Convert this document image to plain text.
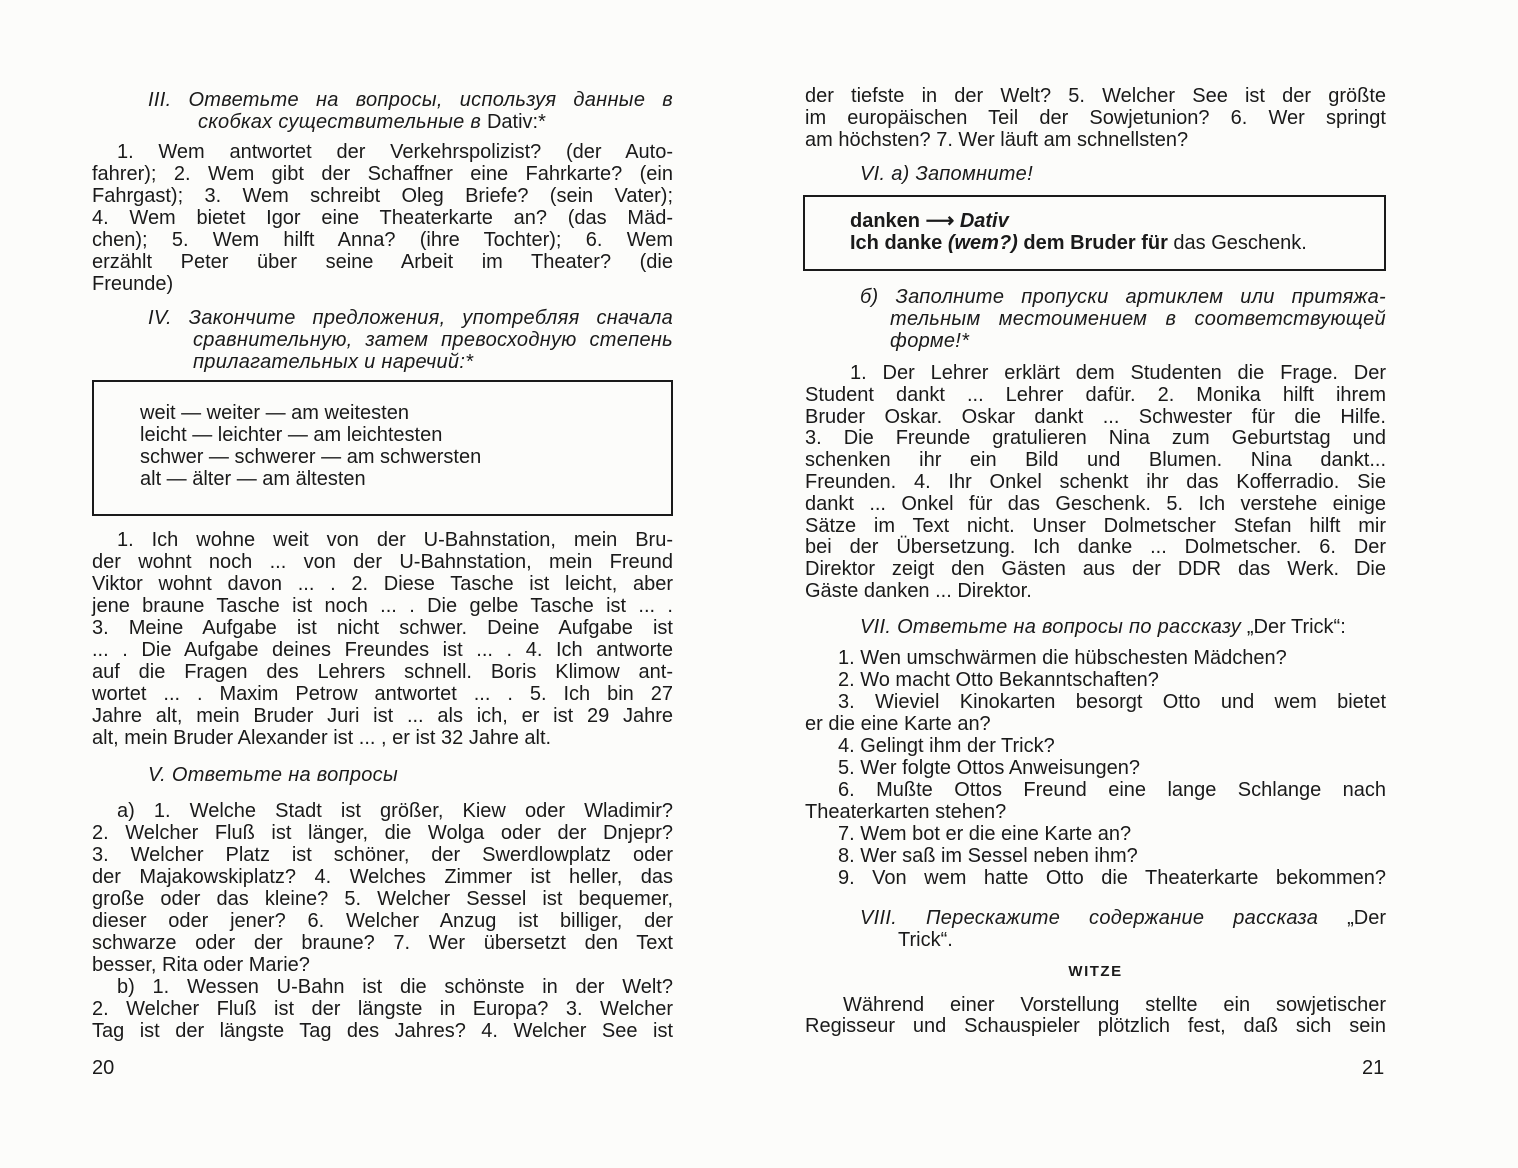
III. Ответьте на вопросы, используя данные в
скобках существительные в Dativ:*
1. Wem antwortet der Verkehrspolizist? (der Auto-
fahrer); 2. Wem gibt der Schaffner eine Fahrkarte? (ein
Fahrgast); 3. Wem schreibt Oleg Briefe? (sein Vater);
4. Wem bietet Igor eine Theaterkarte an? (das Mäd-
chen); 5. Wem hilft Anna? (ihre Tochter); 6. Wem
erzählt Peter über seine Arbeit im Theater? (die
Freunde)
IV. Закончите предложения, употребляя сначала
сравнительную, затем превосходную степень
прилагательных и наречий:*
weit — weiter — am weitesten
leicht — leichter — am leichtesten
schwer — schwerer — am schwersten
alt — älter — am ältesten
1. Ich wohne weit von der U-Bahnstation, mein Bru-
der wohnt noch ... von der U-Bahnstation, mein Freund
Viktor wohnt davon ... . 2. Diese Tasche ist leicht, aber
jene braune Tasche ist noch ... . Die gelbe Tasche ist ... .
3. Meine Aufgabe ist nicht schwer. Deine Aufgabe ist
... . Die Aufgabe deines Freundes ist ... . 4. Ich antworte
auf die Fragen des Lehrers schnell. Boris Klimow ant-
wortet ... . Maxim Petrow antwortet ... . 5. Ich bin 27
Jahre alt, mein Bruder Juri ist ... als ich, er ist 29 Jahre
alt, mein Bruder Alexander ist ... , er ist 32 Jahre alt.
V. Ответьте на вопросы
a) 1. Welche Stadt ist größer, Kiew oder Wladimir?
2. Welcher Fluß ist länger, die Wolga oder der Dnjepr?
3. Welcher Platz ist schöner, der Swerdlowplatz oder
der Majakowskiplatz? 4. Welches Zimmer ist heller, das
große oder das kleine? 5. Welcher Sessel ist bequemer,
dieser oder jener? 6. Welcher Anzug ist billiger, der
schwarze oder der braune? 7. Wer übersetzt den Text
besser, Rita oder Marie?
b) 1. Wessen U-Bahn ist die schönste in der Welt?
2. Welcher Fluß ist der längste in Europa? 3. Welcher
Tag ist der längste Tag des Jahres? 4. Welcher See ist
20
der tiefste in der Welt? 5. Welcher See ist der größte
im europäischen Teil der Sowjetunion? 6. Wer springt
am höchsten? 7. Wer läuft am schnellsten?
VI. а) Запомните!
danken ⟶ Dativ
Ich danke (wem?) dem Bruder für das Geschenk.
б) Заполните пропуски артиклем или притяжа-
тельным местоимением в соответствующей
форме!*
1. Der Lehrer erklärt dem Studenten die Frage. Der
Student dankt ... Lehrer dafür. 2. Monika hilft ihrem
Bruder Oskar. Oskar dankt ... Schwester für die Hilfe.
3. Die Freunde gratulieren Nina zum Geburtstag und
schenken ihr ein Bild und Blumen. Nina dankt...
Freunden. 4. Ihr Onkel schenkt ihr das Kofferradio. Sie
dankt ... Onkel für das Geschenk. 5. Ich verstehe einige
Sätze im Text nicht. Unser Dolmetscher Stefan hilft mir
bei der Übersetzung. Ich danke ... Dolmetscher. 6. Der
Direktor zeigt den Gästen aus der DDR das Werk. Die
Gäste danken ... Direktor.
VII. Ответьте на вопросы по рассказу „Der Trick“:
1. Wen umschwärmen die hübschesten Mädchen?
2. Wo macht Otto Bekanntschaften?
3. Wieviel Kinokarten besorgt Otto und wem bietet
er die eine Karte an?
4. Gelingt ihm der Trick?
5. Wer folgte Ottos Anweisungen?
6. Mußte Ottos Freund eine lange Schlange nach
Theaterkarten stehen?
7. Wem bot er die eine Karte an?
8. Wer saß im Sessel neben ihm?
9. Von wem hatte Otto die Theaterkarte bekommen?
VIII. Перескажите содержание рассказа „Der
Trick“.
WITZE
Während einer Vorstellung stellte ein sowjetischer
Regisseur und Schauspieler plötzlich fest, daß sich sein
21
